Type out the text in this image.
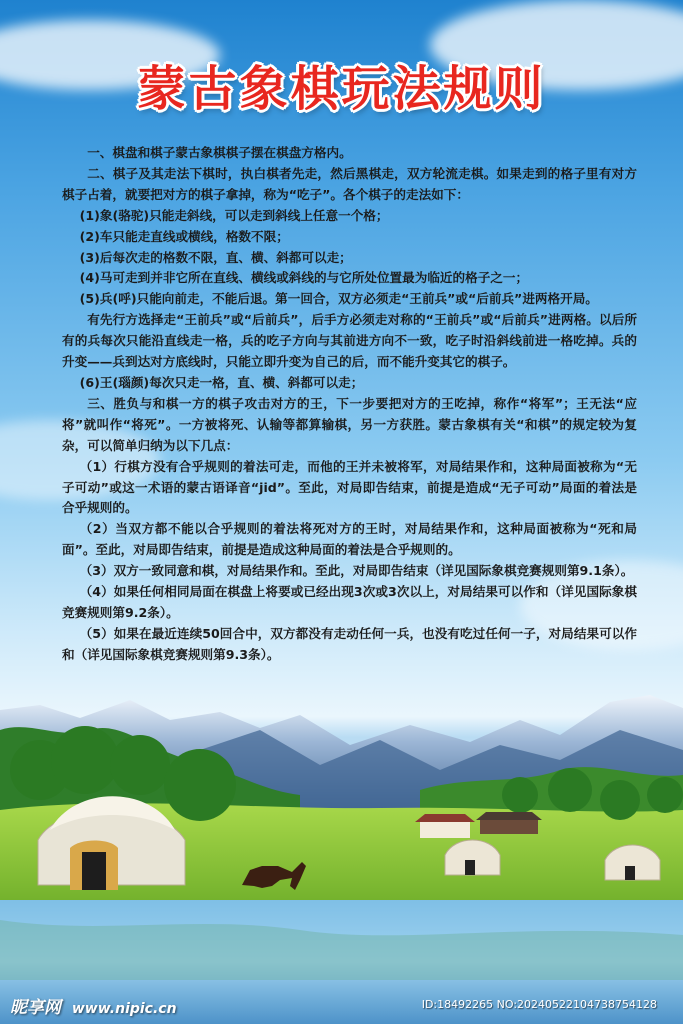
蒙古象棋玩法规则

一、棋盘和棋子蒙古象棋棋子摆在棋盘方格内。

二、棋子及其走法下棋时，执白棋者先走，然后黑棋走，双方轮流走棋。如果走到的格子里有对方棋子占着，就要把对方的棋子拿掉，称为“吃子”。各个棋子的走法如下：

(1)象(骆驼)只能走斜线，可以走到斜线上任意一个格；

(2)车只能走直线或横线，格数不限；

(3)后每次走的格数不限，直、横、斜都可以走；

(4)马可走到并非它所在直线、横线或斜线的与它所处位置最为临近的格子之一；

(5)兵(呼)只能向前走，不能后退。第一回合，双方必须走“王前兵”或“后前兵”进两格开局。

有先行方选择走“王前兵”或“后前兵”，后手方必须走对称的“王前兵”或“后前兵”进两格。以后所有的兵每次只能沿直线走一格，兵的吃子方向与其前进方向不一致，吃子时沿斜线前进一格吃掉。兵的升变——兵到达对方底线时，只能立即升变为自己的后，而不能升变其它的棋子。

(6)王(瑙颜)每次只走一格，直、横、斜都可以走；

三、胜负与和棋一方的棋子攻击对方的王，下一步要把对方的王吃掉，称作“将军”；王无法“应将”就叫作“将死”。一方被将死、认输等都算输棋，另一方获胜。蒙古象棋有关“和棋”的规定较为复杂，可以简单归纳为以下几点：

（1）行棋方没有合乎规则的着法可走，而他的王并未被将军，对局结果作和，这种局面被称为“无子可动”或这一术语的蒙古语译音“jid”。至此，对局即告结束，前提是造成“无子可动”局面的着法是合乎规则的。

（2）当双方都不能以合乎规则的着法将死对方的王时，对局结果作和，这种局面被称为“死和局面”。至此，对局即告结束，前提是造成这种局面的着法是合乎规则的。

（3）双方一致同意和棋，对局结果作和。至此，对局即告结束（详见国际象棋竞赛规则第9.1条）。

（4）如果任何相同局面在棋盘上将要或已经出现3次或3次以上，对局结果可以作和（详见国际象棋竞赛规则第9.2条）。

（5）如果在最近连续50回合中，双方都没有走动任何一兵，也没有吃过任何一子，对局结果可以作和（详见国际象棋竞赛规则第9.3条）。

昵享网 www.nipic.cn	ID:18492265 NO:20240522104738754128
